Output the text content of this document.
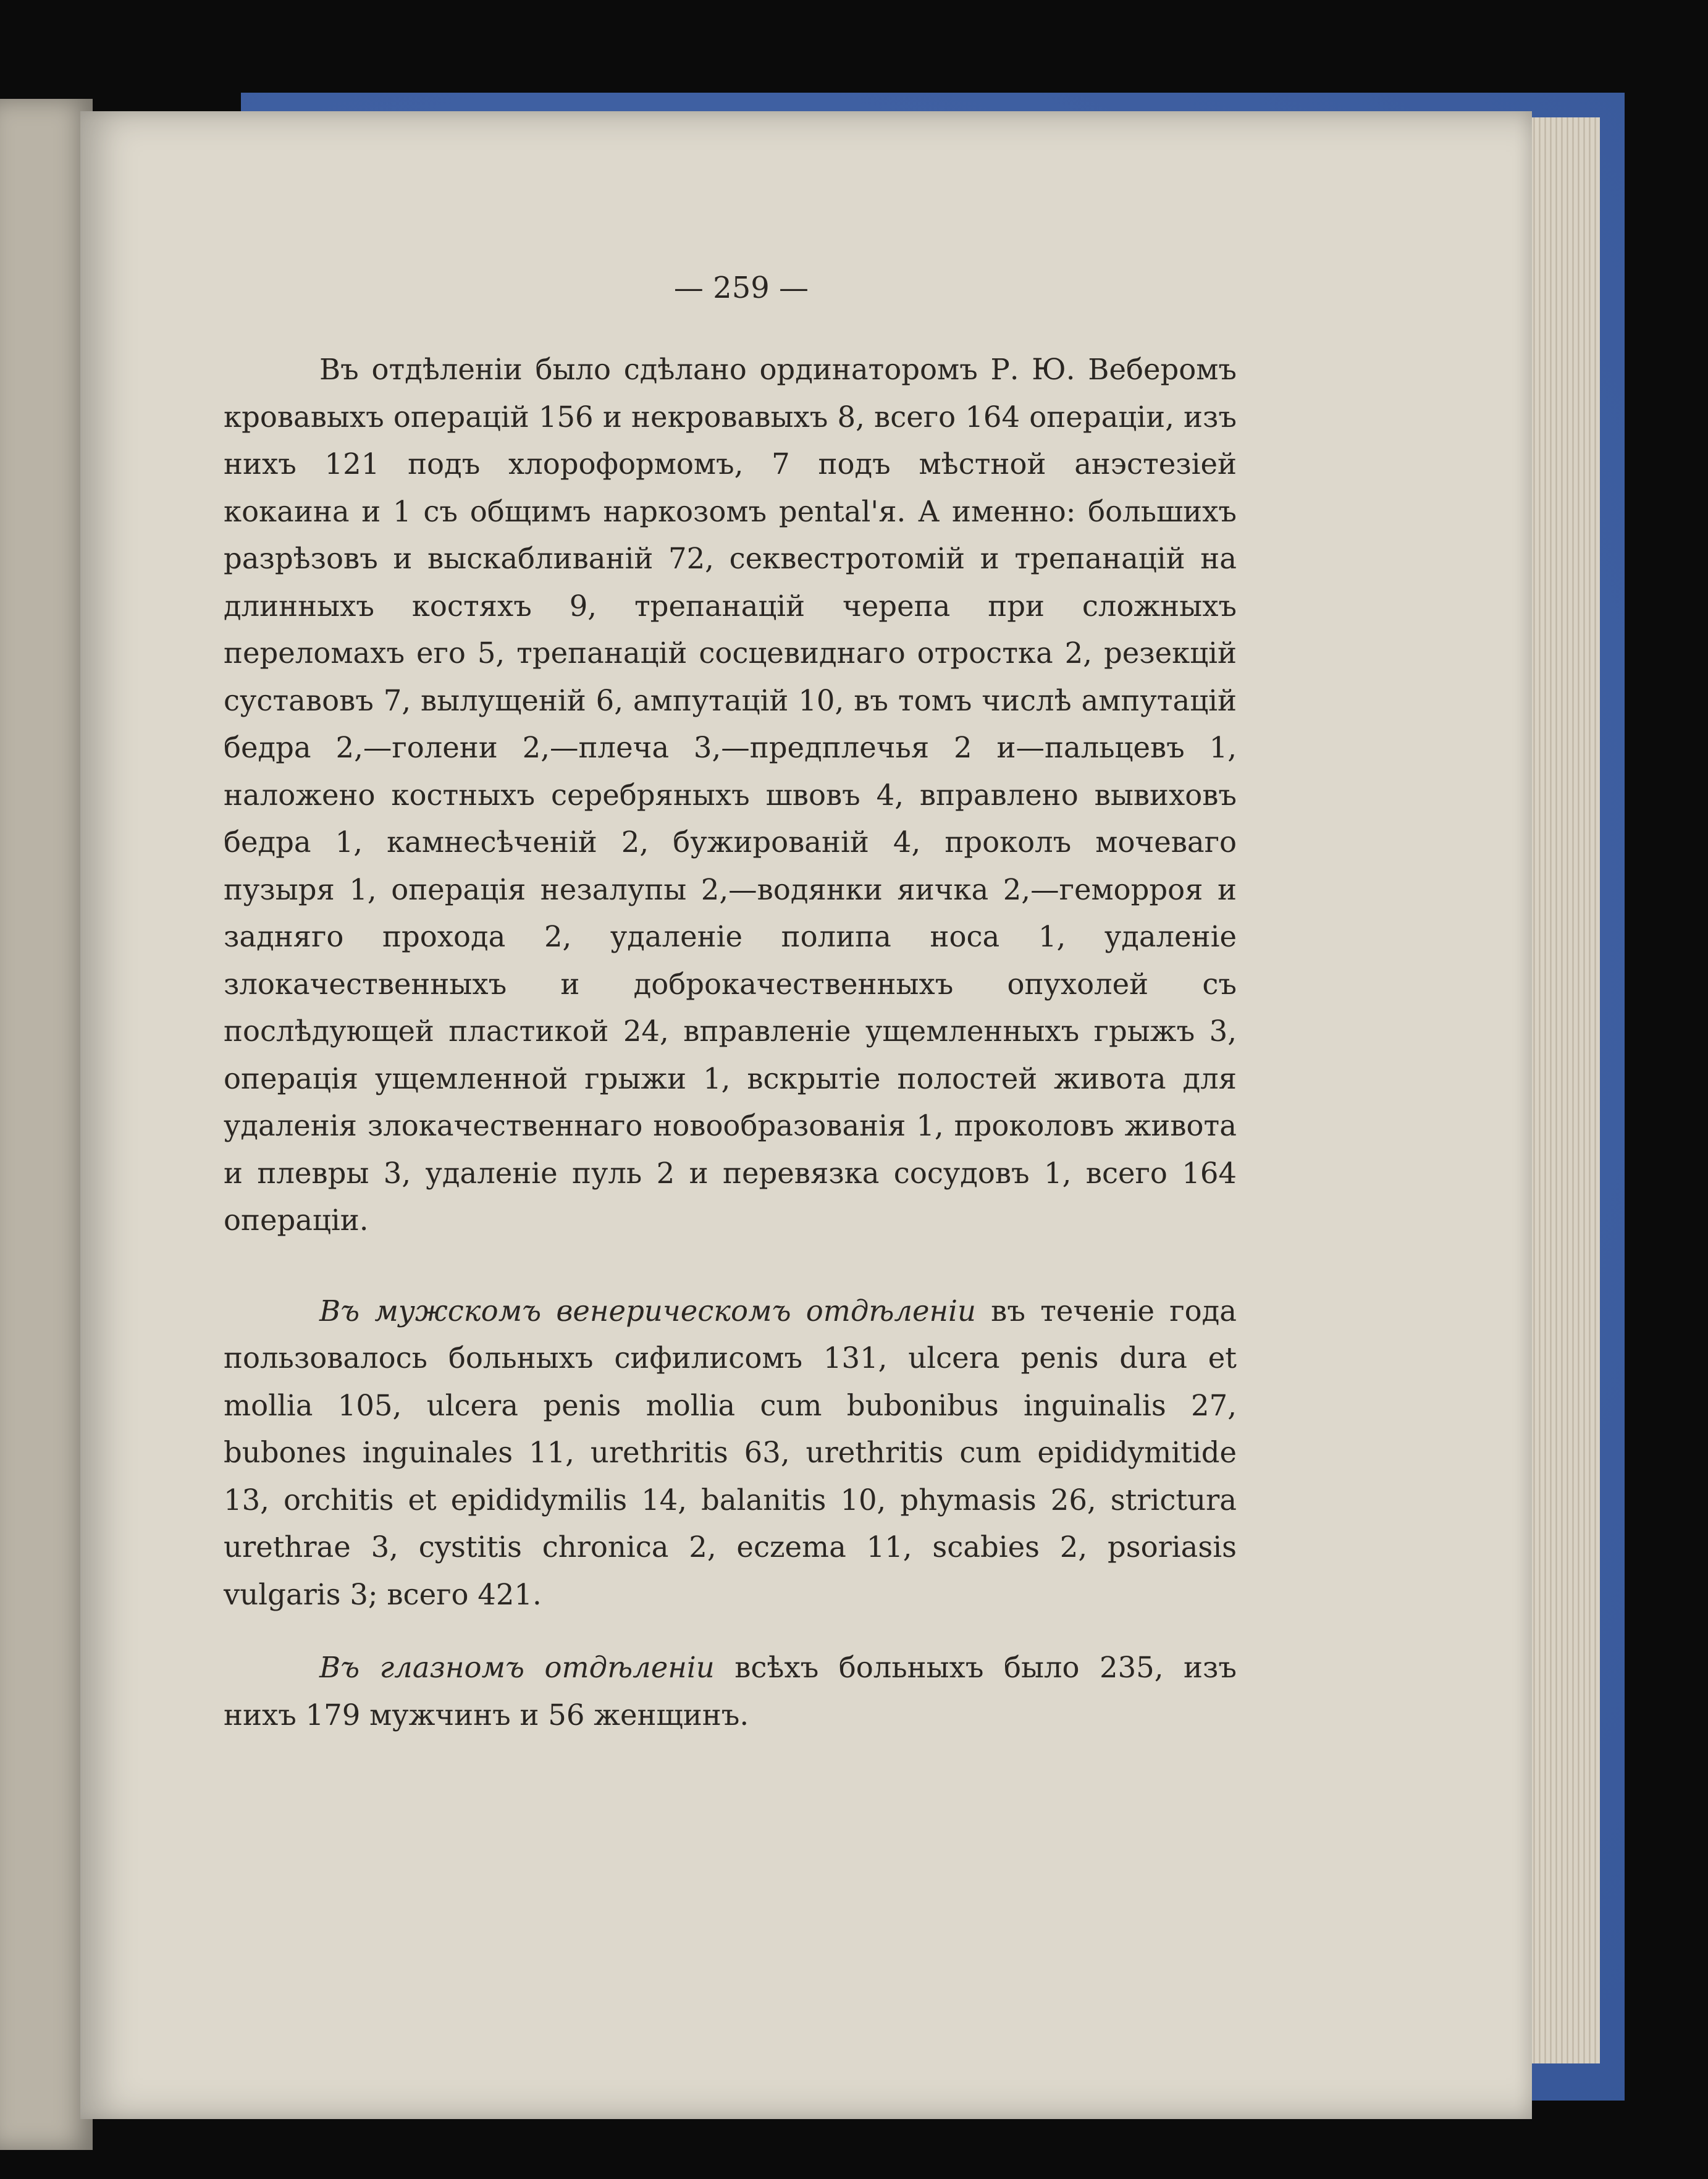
— 259 —

Въ отдѣленіи было сдѣлано ординаторомъ Р. Ю. Веберомъ кровавыхъ операцій 156 и некровавыхъ 8, всего 164 операціи, изъ нихъ 121 подъ хлороформомъ, 7 подъ мѣстной анэстезіей кокаина и 1 съ общимъ наркозомъ pental'я. А именно: большихъ разрѣзовъ и выскабливаній 72, секвестротомій и трепанацій на длинныхъ костяхъ 9, трепанацій черепа при сложныхъ переломахъ его 5, трепанацій сосцевиднаго отростка 2, резекцій суставовъ 7, вылущеній 6, ампутацій 10, въ томъ числѣ ампутацій бедра 2,—голени 2,—плеча 3,—предплечья 2 и—пальцевъ 1, наложено костныхъ серебряныхъ швовъ 4, вправлено вывиховъ бедра 1, камнесѣченій 2, бужированій 4, проколъ мочеваго пузыря 1, операція незалупы 2,—водянки яичка 2,—геморроя и задняго прохода 2, удаленіе полипа носа 1, удаленіе злокачественныхъ и доброкачественныхъ опухолей съ послѣдующей пластикой 24, вправленіе ущемленныхъ грыжъ 3, операція ущемленной грыжи 1, вскрытіе полостей живота для удаленія злокачественнаго новообразованія 1, проколовъ живота и плевры 3, удаленіе пуль 2 и перевязка сосудовъ 1, всего 164 операціи.

Въ мужскомъ венерическомъ отдѣленіи въ теченіе года пользовалось больныхъ сифилисомъ 131, ulcera penis dura et mollia 105, ulcera penis mollia cum bubonibus inguinalis 27, bubones inguinales 11, urethritis 63, urethritis cum epididymitide 13, orchitis et epididymilis 14, balanitis 10, phymasis 26, strictura urethrae 3, cystitis chronica 2, eczema 11, scabies 2, psoriasis vulgaris 3; всего 421.

Въ глазномъ отдѣленіи всѣхъ больныхъ было 235, изъ нихъ 179 мужчинъ и 56 женщинъ.
